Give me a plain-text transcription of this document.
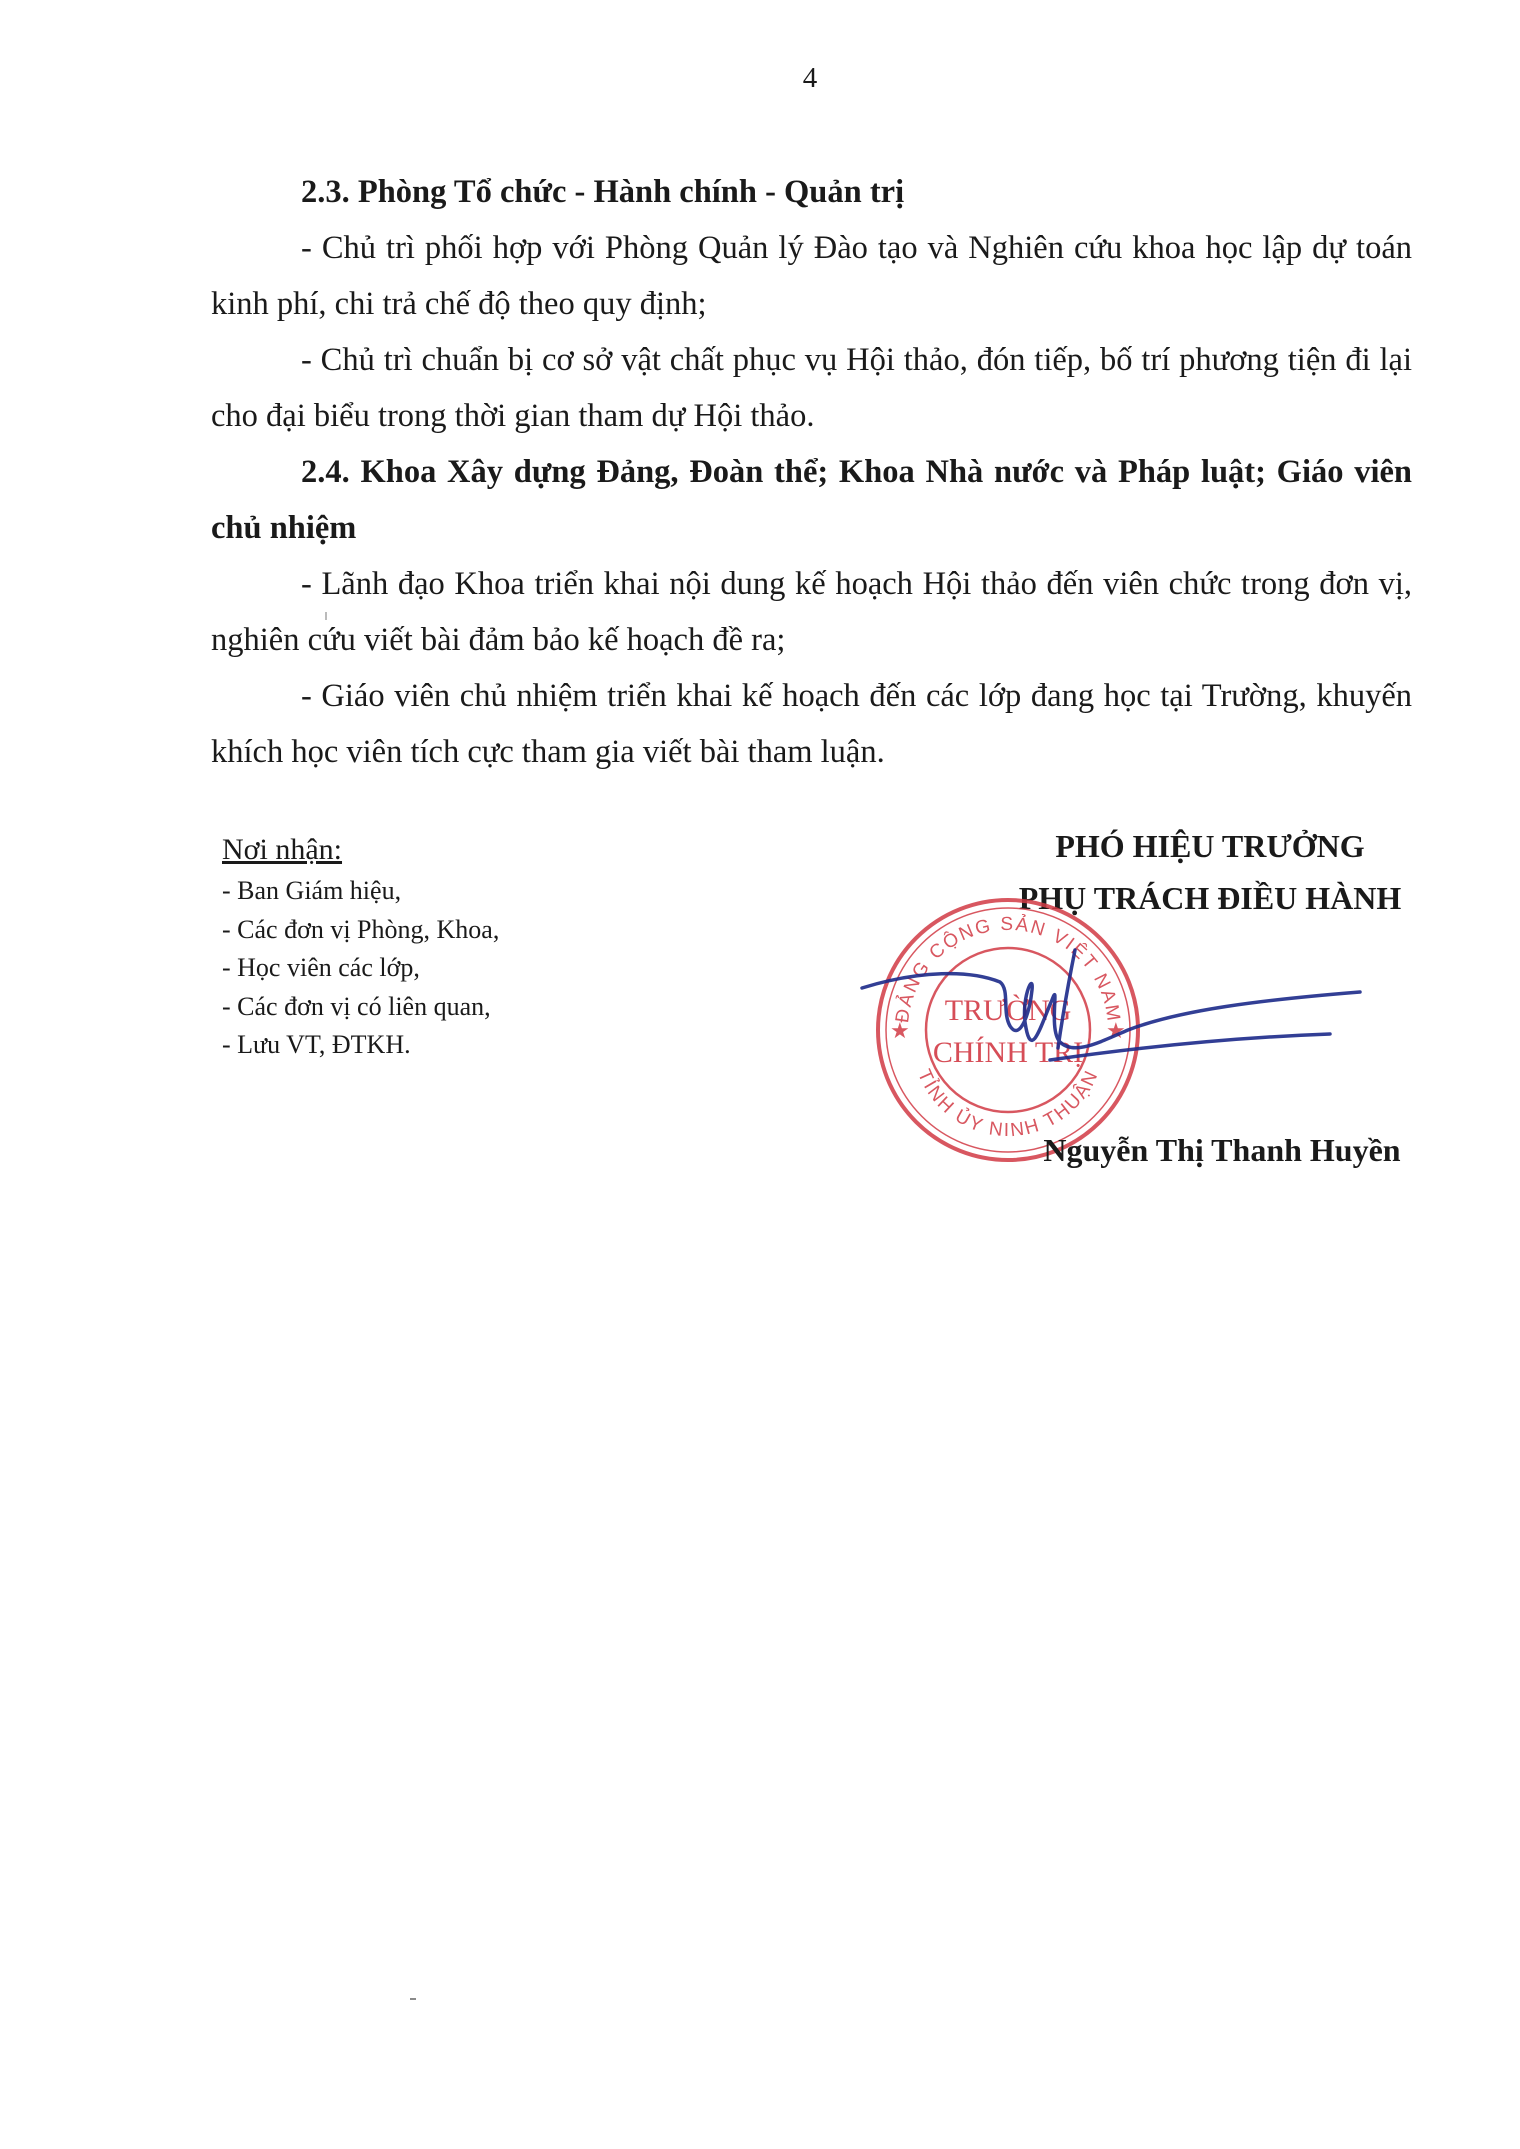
4
2.3. Phòng Tổ chức - Hành chính - Quản trị
- Chủ trì phối hợp với Phòng Quản lý Đào tạo và Nghiên cứu khoa học lập dự toán kinh phí, chi trả chế độ theo quy định;
- Chủ trì chuẩn bị cơ sở vật chất phục vụ Hội thảo, đón tiếp, bố trí phương tiện đi lại cho đại biểu trong thời gian tham dự Hội thảo.
2.4. Khoa Xây dựng Đảng, Đoàn thể; Khoa Nhà nước và Pháp luật; Giáo viên chủ nhiệm
- Lãnh đạo Khoa triển khai nội dung kế hoạch Hội thảo đến viên chức trong đơn vị, nghiên cứu viết bài đảm bảo kế hoạch đề ra;
- Giáo viên chủ nhiệm triển khai kế hoạch đến các lớp đang học tại Trường, khuyến khích học viên tích cực tham gia viết bài tham luận.
Nơi nhận:
- Ban Giám hiệu,
- Các đơn vị Phòng, Khoa,
- Học viên các lớp,
- Các đơn vị có liên quan,
- Lưu VT, ĐTKH.
PHÓ HIỆU TRƯỞNG
PHỤ TRÁCH ĐIỀU HÀNH
ĐẢNG CỘNG SẢN VIỆT NAM
TỈNH ỦY NINH THUẬN
★	★
TRƯỜNG
CHÍNH TRỊ
Nguyễn Thị Thanh Huyền
